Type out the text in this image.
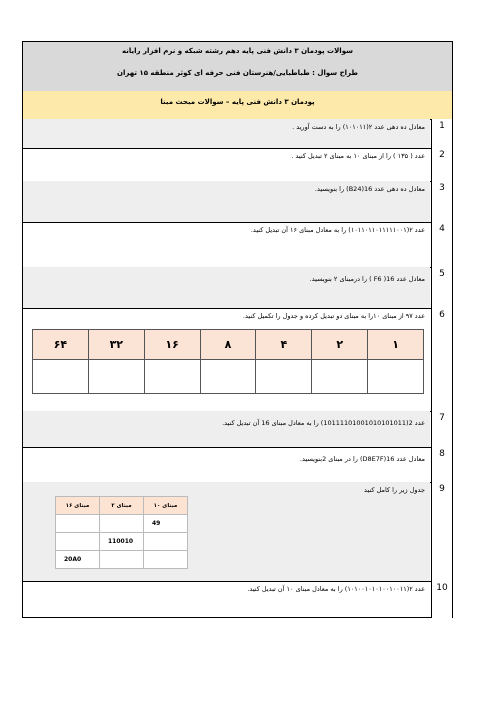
سوالات پودمان ۳ دانش فنی پایه دهم رشته شبکه و نرم افزار رایانه
طراح سوال : طباطبایی/هنرستان فنی حرفه ای کوثر منطقه ۱۵ تهران
پودمان ۳ دانش فنی پایه – سوالات مبحث مبنا
1
معادل ده دهی عدد ۲(۱۰۱۰۱۱) را به دست آورید .
2
عدد ( ۱۳۵ ) را از مبنای ۱۰ به مبنای ۲ تبدیل کنید .
3
معادل ده دهی عدد 16(B24) را بنویسید.
4
عدد ۲(۱۰۱۱۰۱۱۰۱۱۱۱۱۰۰۱) را به معادل مبنای ۱۶ آن تبدیل کنید.
5
معادل عدد 16( F6 ) را درمبنای ۲ بنویسید.
6
عدد ۹۷ از مبنای ۱۰را به مبنای دو تبدیل کرده و جدول را تکمیل کنید.
۶۴	۳۲	۱۶	۸	۴	۲	۱

7
عدد 2(10111101001010101011) را به معادل مبنای 16 آن تبدیل کنید.
8
معادل عدد 16(D8E7F) را در مبنای 2بنویسید.
9
جدول زیر را کامل کنید
مبنای ۱۶	مبنای ۲	مبنای ۱۰
		49
	110010	
20A0		
10
عدد ۲(۱۰۱۰۰۱۰۱۰۱۰۰۱۰۰۱۱) را به معادل مبنای ۱۰ آن تبدیل کنید.
